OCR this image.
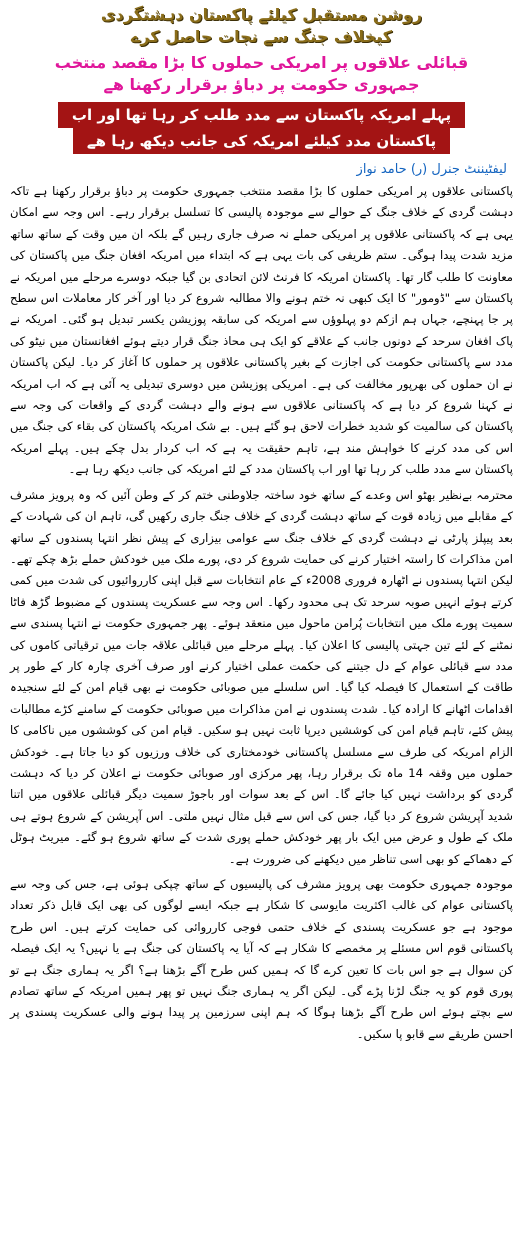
روشن مستقبل کیلئے پاکستان دہشتگردی
کیخلاف جنگ سے نجات حاصل کرے
قبائلی علاقوں پر امریکی حملوں کا بڑا مقصد منتخب
جمہوری حکومت پر دباؤ برقرار رکھنا ھے
پہلے امریکہ پاکستان سے مدد طلب کر رہا تھا اور اب
پاکستان مدد کیلئے امریکہ کی جانب دیکھ رہا ھے
لیفٹیننٹ جنرل (ر) حامد نواز

پاکستانی علاقوں پر امریکی حملوں کا بڑا مقصد منتخب جمہوری حکومت پر دباؤ برقرار رکھنا ہے تاکہ دہشت گردی کے خلاف جنگ کے حوالے سے موجودہ پالیسی کا تسلسل برقرار رہے۔ اس وجہ سے امکان یہی ہے کہ پاکستانی علاقوں پر امریکی حملے نہ صرف جاری رہیں گے بلکہ ان میں وقت کے ساتھ ساتھ مزید شدت پیدا ہوگی۔ ستم ظریفی کی بات یہی ہے کہ ابتداء میں امریکہ افغان جنگ میں پاکستان کی معاونت کا طلب گار تھا۔ پاکستان امریکہ کا فرنٹ لائن اتحادی بن گیا جبکہ دوسرے مرحلے میں امریکہ نے پاکستان سے "ڈومور" کا ایک کبھی نہ ختم ہونے والا مطالبہ شروع کر دیا اور آخر کار معاملات اس سطح پر جا پہنچے، جہاں ہم ازکم دو پہلوؤں سے امریکہ کی سابقہ پوزیشن یکسر تبدیل ہو گئی۔ امریکہ نے پاک افغان سرحد کے دونوں جانب کے علاقے کو ایک ہی محاذ جنگ قرار دیتے ہوئے افغانستان میں نیٹو کی مدد سے پاکستانی حکومت کی اجازت کے بغیر پاکستانی علاقوں پر حملوں کا آغاز کر دیا۔ لیکن پاکستان نے ان حملوں کی بھرپور مخالفت کی ہے۔ امریکی پوزیشن میں دوسری تبدیلی یہ آئی ہے کہ اب امریکہ نے کہنا شروع کر دیا ہے کہ پاکستانی علاقوں سے ہونے والے دہشت گردی کے واقعات کی وجہ سے پاکستان کی سالمیت کو شدید خطرات لاحق ہو گئے ہیں۔ بے شک امریکہ پاکستان کی بقاء کی جنگ میں اس کی مدد کرنے کا خواہش مند ہے، تاہم حقیقت یہ ہے کہ اب کردار بدل چکے ہیں۔ پہلے امریکہ پاکستان سے مدد طلب کر رہا تھا اور اب پاکستان مدد کے لئے امریکہ کی جانب دیکھ رہا ہے۔

محترمہ بےنظیر بھٹو اس وعدے کے ساتھ خود ساختہ جلاوطنی ختم کر کے وطن آئیں کہ وہ پرویز مشرف کے مقابلے میں زیادہ قوت کے ساتھ دہشت گردی کے خلاف جنگ جاری رکھیں گی، تاہم ان کی شہادت کے بعد پیپلز پارٹی نے دہشت گردی کے خلاف جنگ سے عوامی بیزاری کے پیش نظر انتہا پسندوں کے ساتھ امن مذاکرات کا راستہ اختیار کرنے کی حمایت شروع کر دی، پورے ملک میں خودکش حملے بڑھ چکے تھے۔ لیکن انتہا پسندوں نے اٹھارہ فروری 2008ء کے عام انتخابات سے قبل اپنی کارروائیوں کی شدت میں کمی کرتے ہوئے انہیں صوبہ سرحد تک ہی محدود رکھا۔ اس وجہ سے عسکریت پسندوں کے مضبوط گڑھ فاٹا سمیت پورے ملک میں انتخابات پُرامن ماحول میں منعقد ہوئے۔ پھر جمہوری حکومت نے انتہا پسندی سے نمٹنے کے لئے تین جہتی پالیسی کا اعلان کیا۔ پہلے مرحلے میں قبائلی علاقہ جات میں ترقیاتی کاموں کی مدد سے قبائلی عوام کے دل جیتنے کی حکمت عملی اختیار کرنے اور صرف آخری چارہ کار کے طور پر طاقت کے استعمال کا فیصلہ کیا گیا۔ اس سلسلے میں صوبائی حکومت نے بھی قیام امن کے لئے سنجیدہ اقدامات اٹھانے کا ارادہ کیا۔ شدت پسندوں نے امن مذاکرات میں صوبائی حکومت کے سامنے کڑے مطالبات پیش کئے، تاہم قیام امن کی کوششیں دیرپا ثابت نہیں ہو سکیں۔ قیام امن کی کوششوں میں ناکامی کا الزام امریکہ کی طرف سے مسلسل پاکستانی خودمختاری کی خلاف ورزیوں کو دیا جاتا ہے۔ خودکش حملوں میں وقفہ 14 ماہ تک برقرار رہا، پھر مرکزی اور صوبائی حکومت نے اعلان کر دیا کہ دہشت گردی کو برداشت نہیں کیا جائے گا۔ اس کے بعد سوات اور باجوڑ سمیت دیگر قبائلی علاقوں میں اتنا شدید آپریشن شروع کر دیا گیا، جس کی اس سے قبل مثال نہیں ملتی۔ اس آپریشن کے شروع ہوتے ہی ملک کے طول و عرض میں ایک بار پھر خودکش حملے پوری شدت کے ساتھ شروع ہو گئے۔ میریٹ ہوٹل کے دھماکے کو بھی اسی تناظر میں دیکھنے کی ضرورت ہے۔

موجودہ جمہوری حکومت بھی پرویز مشرف کی پالیسیوں کے ساتھ چپکی ہوئی ہے، جس کی وجہ سے پاکستانی عوام کی غالب اکثریت مایوسی کا شکار ہے جبکہ ایسے لوگوں کی بھی ایک قابل ذکر تعداد موجود ہے جو عسکریت پسندی کے خلاف حتمی فوجی کارروائی کی حمایت کرتے ہیں۔ اس طرح پاکستانی قوم اس مسئلے پر مخمصے کا شکار ہے کہ آیا یہ پاکستان کی جنگ ہے یا نہیں؟ یہ ایک فیصلہ کن سوال ہے جو اس بات کا تعین کرے گا کہ ہمیں کس طرح آگے بڑھنا ہے؟ اگر یہ ہماری جنگ ہے تو پوری قوم کو یہ جنگ لڑنا پڑے گی۔ لیکن اگر یہ ہماری جنگ نہیں تو پھر ہمیں امریکہ کے ساتھ تصادم سے بچتے ہوئے اس طرح آگے بڑھنا ہوگا کہ ہم اپنی سرزمین پر پیدا ہونے والی عسکریت پسندی پر احسن طریقے سے قابو پا سکیں۔
